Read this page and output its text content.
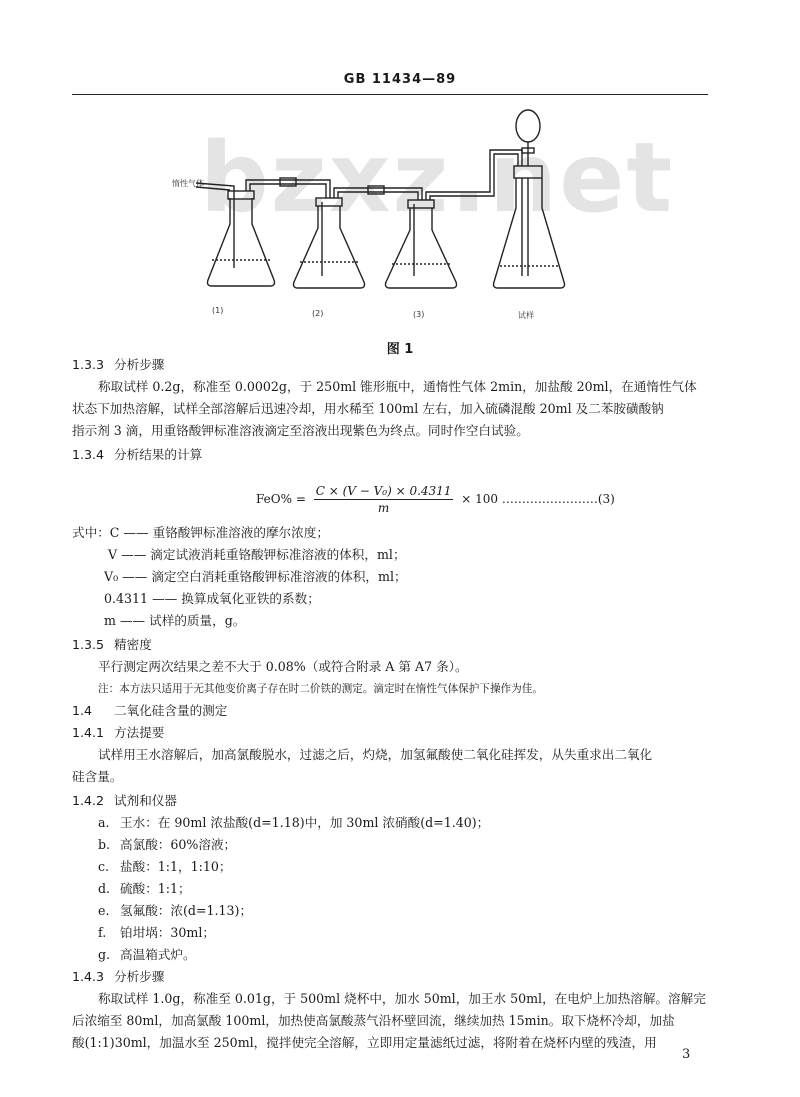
GB 11434—89
bzxz.net
惰性气体
(1)	(2)	(3)	试样
图 1
1.3.3 分析步骤
称取试样 0.2g，称准至 0.0002g，于 250ml 锥形瓶中，通惰性气体 2min，加盐酸 20ml，在通惰性气体
状态下加热溶解，试样全部溶解后迅速冷却，用水稀至 100ml 左右，加入硫磷混酸 20ml 及二苯胺磺酸钠
指示剂 3 滴，用重铬酸钾标准溶液滴定至溶液出现紫色为终点。同时作空白试验。
1.3.4 分析结果的计算
$FeO\% = \frac{\text{C × (V − V₀) × 0.4311}}{m} \times 100$ ……………………(3)
式中：C —— 重铬酸钾标准溶液的摩尔浓度；
V —— 滴定试液消耗重铬酸钾标准溶液的体积，ml；
V₀ —— 滴定空白消耗重铬酸钾标准溶液的体积，ml；
0.4311 —— 换算成氧化亚铁的系数；
m —— 试样的质量，g。
1.3.5 精密度
平行测定两次结果之差不大于 0.08%（或符合附录 A 第 A7 条）。
注：本方法只适用于无其他变价离子存在时二价铁的测定。滴定时在惰性气体保护下操作为佳。
1.4 二氧化硅含量的测定
1.4.1 方法提要
试样用王水溶解后，加高氯酸脱水，过滤之后，灼烧，加氢氟酸使二氧化硅挥发，从失重求出二氧化
硅含量。
1.4.2 试剂和仪器
a. 王水：在 90ml 浓盐酸(d=1.18)中，加 30ml 浓硝酸(d=1.40)；
b. 高氯酸：60%溶液；
c. 盐酸：1:1，1:10；
d. 硫酸：1:1；
e. 氢氟酸：浓(d=1.13)；
f. 铂坩埚：30ml；
g. 高温箱式炉。
1.4.3 分析步骤
称取试样 1.0g，称准至 0.01g，于 500ml 烧杯中，加水 50ml，加王水 50ml，在电炉上加热溶解。溶解完
后浓缩至 80ml，加高氯酸 100ml，加热使高氯酸蒸气沿杯壁回流，继续加热 15min。取下烧杯冷却，加盐
酸(1:1)30ml，加温水至 250ml，搅拌使完全溶解，立即用定量滤纸过滤，将附着在烧杯内壁的残渣，用
3
